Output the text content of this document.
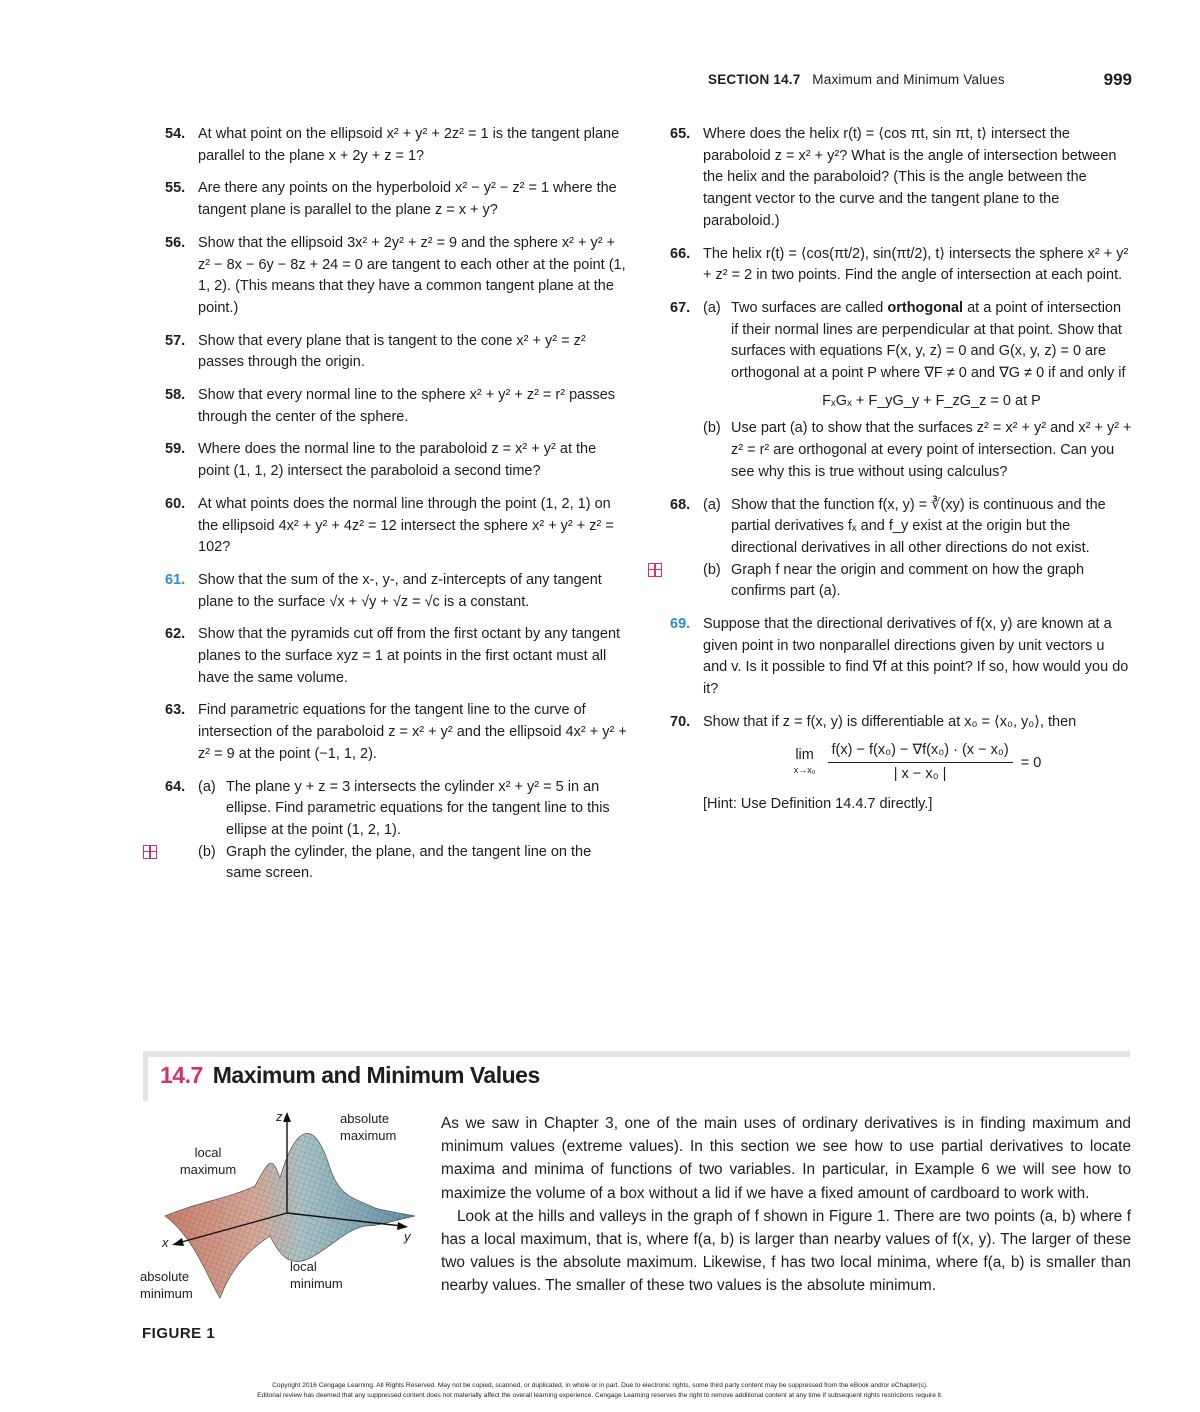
SECTION 14.7 Maximum and Minimum Values	999
54. At what point on the ellipsoid x² + y² + 2z² = 1 is the tangent plane parallel to the plane x + 2y + z = 1?
55. Are there any points on the hyperboloid x² − y² − z² = 1 where the tangent plane is parallel to the plane z = x + y?
56. Show that the ellipsoid 3x² + 2y² + z² = 9 and the sphere x² + y² + z² − 8x − 6y − 8z + 24 = 0 are tangent to each other at the point (1, 1, 2). (This means that they have a common tangent plane at the point.)
57. Show that every plane that is tangent to the cone x² + y² = z² passes through the origin.
58. Show that every normal line to the sphere x² + y² + z² = r² passes through the center of the sphere.
59. Where does the normal line to the paraboloid z = x² + y² at the point (1, 1, 2) intersect the paraboloid a second time?
60. At what points does the normal line through the point (1, 2, 1) on the ellipsoid 4x² + y² + 4z² = 12 intersect the sphere x² + y² + z² = 102?
61. Show that the sum of the x-, y-, and z-intercepts of any tangent plane to the surface √x + √y + √z = √c is a constant.
62. Show that the pyramids cut off from the first octant by any tangent planes to the surface xyz = 1 at points in the first octant must all have the same volume.
63. Find parametric equations for the tangent line to the curve of intersection of the paraboloid z = x² + y² and the ellipsoid 4x² + y² + z² = 9 at the point (−1, 1, 2).
64. (a) The plane y + z = 3 intersects the cylinder x² + y² = 5 in an ellipse. Find parametric equations for the tangent line to this ellipse at the point (1, 2, 1).
(b) Graph the cylinder, the plane, and the tangent line on the same screen.
65. Where does the helix r(t) = ⟨cos πt, sin πt, t⟩ intersect the paraboloid z = x² + y²? What is the angle of intersection between the helix and the paraboloid? (This is the angle between the tangent vector to the curve and the tangent plane to the paraboloid.)
66. The helix r(t) = ⟨cos(πt/2), sin(πt/2), t⟩ intersects the sphere x² + y² + z² = 2 in two points. Find the angle of intersection at each point.
67. (a) Two surfaces are called orthogonal at a point of intersection if their normal lines are perpendicular at that point. Show that surfaces with equations F(x, y, z) = 0 and G(x, y, z) = 0 are orthogonal at a point P where ∇F ≠ 0 and ∇G ≠ 0 if and only if
FₓGₓ + F_yG_y + F_zG_z = 0 at P
(b) Use part (a) to show that the surfaces z² = x² + y² and x² + y² + z² = r² are orthogonal at every point of intersection. Can you see why this is true without using calculus?
68. (a) Show that the function f(x, y) = ∛(xy) is continuous and the partial derivatives fₓ and f_y exist at the origin but the directional derivatives in all other directions do not exist.
(b) Graph f near the origin and comment on how the graph confirms part (a).
69. Suppose that the directional derivatives of f(x, y) are known at a given point in two nonparallel directions given by unit vectors u and v. Is it possible to find ∇f at this point? If so, how would you do it?
70. Show that if z = f(x, y) is differentiable at x₀ = ⟨x₀, y₀⟩, then
lim
$x\to x_0 \frac{\text{f(x) − f(x₀) − ∇f(x₀) · (x − x₀)}}{\text{| x − x₀ |}} = 0$
[Hint: Use Definition 14.4.7 directly.]
14.7 Maximum and Minimum Values
z
x	y
absolute maximum
local maximum
local minimum
absolute minimum
FIGURE 1

As we saw in Chapter 3, one of the main uses of ordinary derivatives is in finding maximum and minimum values (extreme values). In this section we see how to use partial derivatives to locate maxima and minima of functions of two variables. In particular, in Example 6 we will see how to maximize the volume of a box without a lid if we have a fixed amount of cardboard to work with.

Look at the hills and valleys in the graph of f shown in Figure 1. There are two points (a, b) where f has a local maximum, that is, where f(a, b) is larger than nearby values of f(x, y). The larger of these two values is the absolute maximum. Likewise, f has two local minima, where f(a, b) is smaller than nearby values. The smaller of these two values is the absolute minimum.

Copyright 2016 Cengage Learning. All Rights Reserved. May not be copied, scanned, or duplicated, in whole or in part. Due to electronic rights, some third party content may be suppressed from the eBook and/or eChapter(s).
Editorial review has deemed that any suppressed content does not materially affect the overall learning experience. Cengage Learning reserves the right to remove additional content at any time if subsequent rights restrictions require it.
